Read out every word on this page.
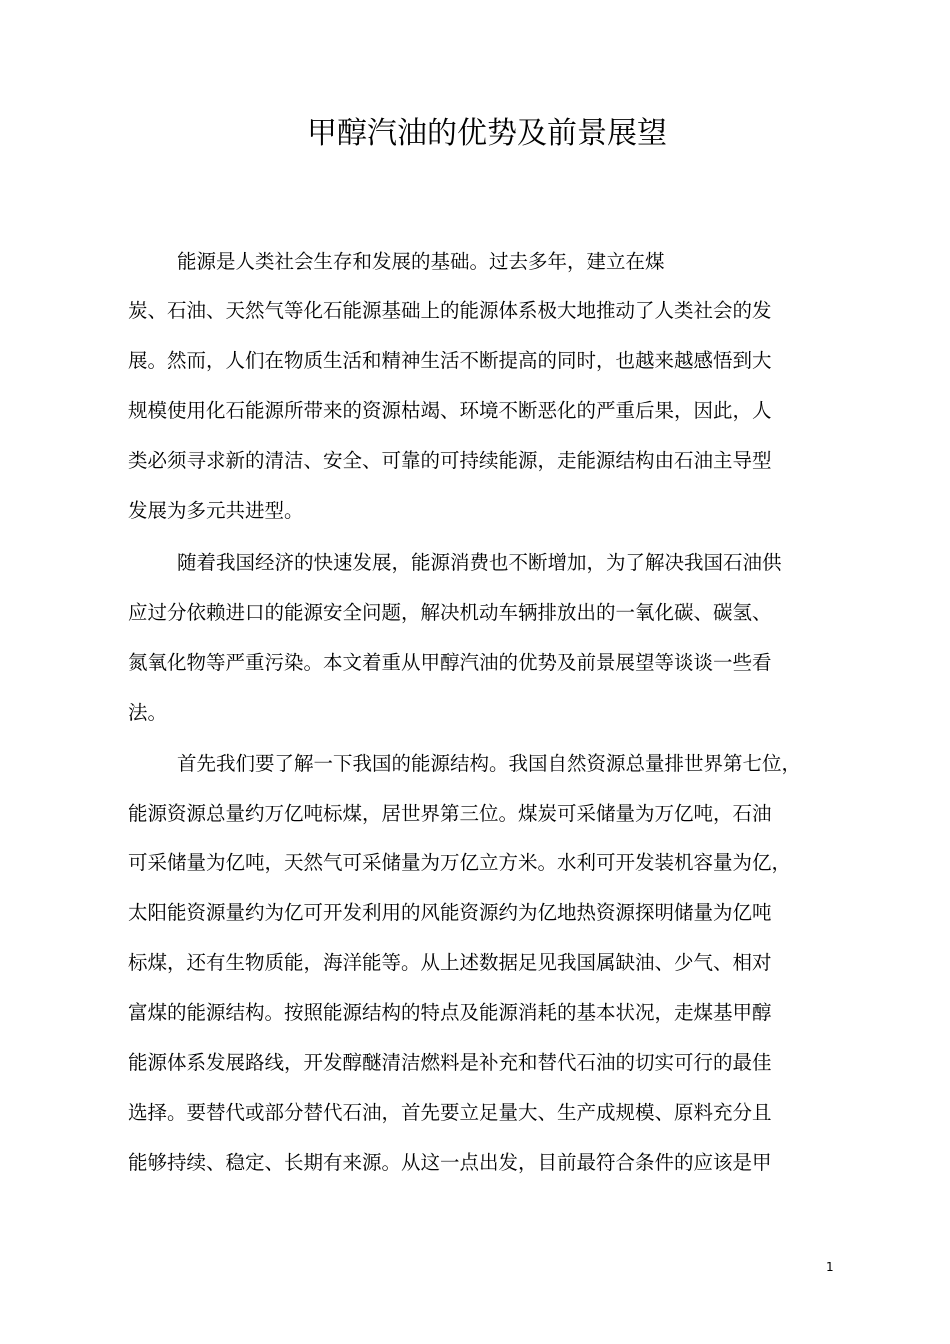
甲醇汽油的优势及前景展望

能源是人类社会生存和发展的基础。过去多年，建立在煤

炭、石油、天然气等化石能源基础上的能源体系极大地推动了人类社会的发

展。然而，人们在物质生活和精神生活不断提高的同时，也越来越感悟到大

规模使用化石能源所带来的资源枯竭、环境不断恶化的严重后果，因此，人

类必须寻求新的清洁、安全、可靠的可持续能源，走能源结构由石油主导型

发展为多元共进型。

随着我国经济的快速发展，能源消费也不断增加，为了解决我国石油供

应过分依赖进口的能源安全问题，解决机动车辆排放出的一氧化碳、碳氢、

氮氧化物等严重污染。本文着重从甲醇汽油的优势及前景展望等谈谈一些看

法。

首先我们要了解一下我国的能源结构。我国自然资源总量排世界第七位，

能源资源总量约万亿吨标煤，居世界第三位。煤炭可采储量为万亿吨，石油

可采储量为亿吨，天然气可采储量为万亿立方米。水利可开发装机容量为亿，

太阳能资源量约为亿可开发利用的风能资源约为亿地热资源探明储量为亿吨

标煤，还有生物质能，海洋能等。从上述数据足见我国属缺油、少气、相对

富煤的能源结构。按照能源结构的特点及能源消耗的基本状况，走煤基甲醇

能源体系发展路线，开发醇醚清洁燃料是补充和替代石油的切实可行的最佳

选择。要替代或部分替代石油，首先要立足量大、生产成规模、原料充分且

能够持续、稳定、长期有来源。从这一点出发，目前最符合条件的应该是甲

1
